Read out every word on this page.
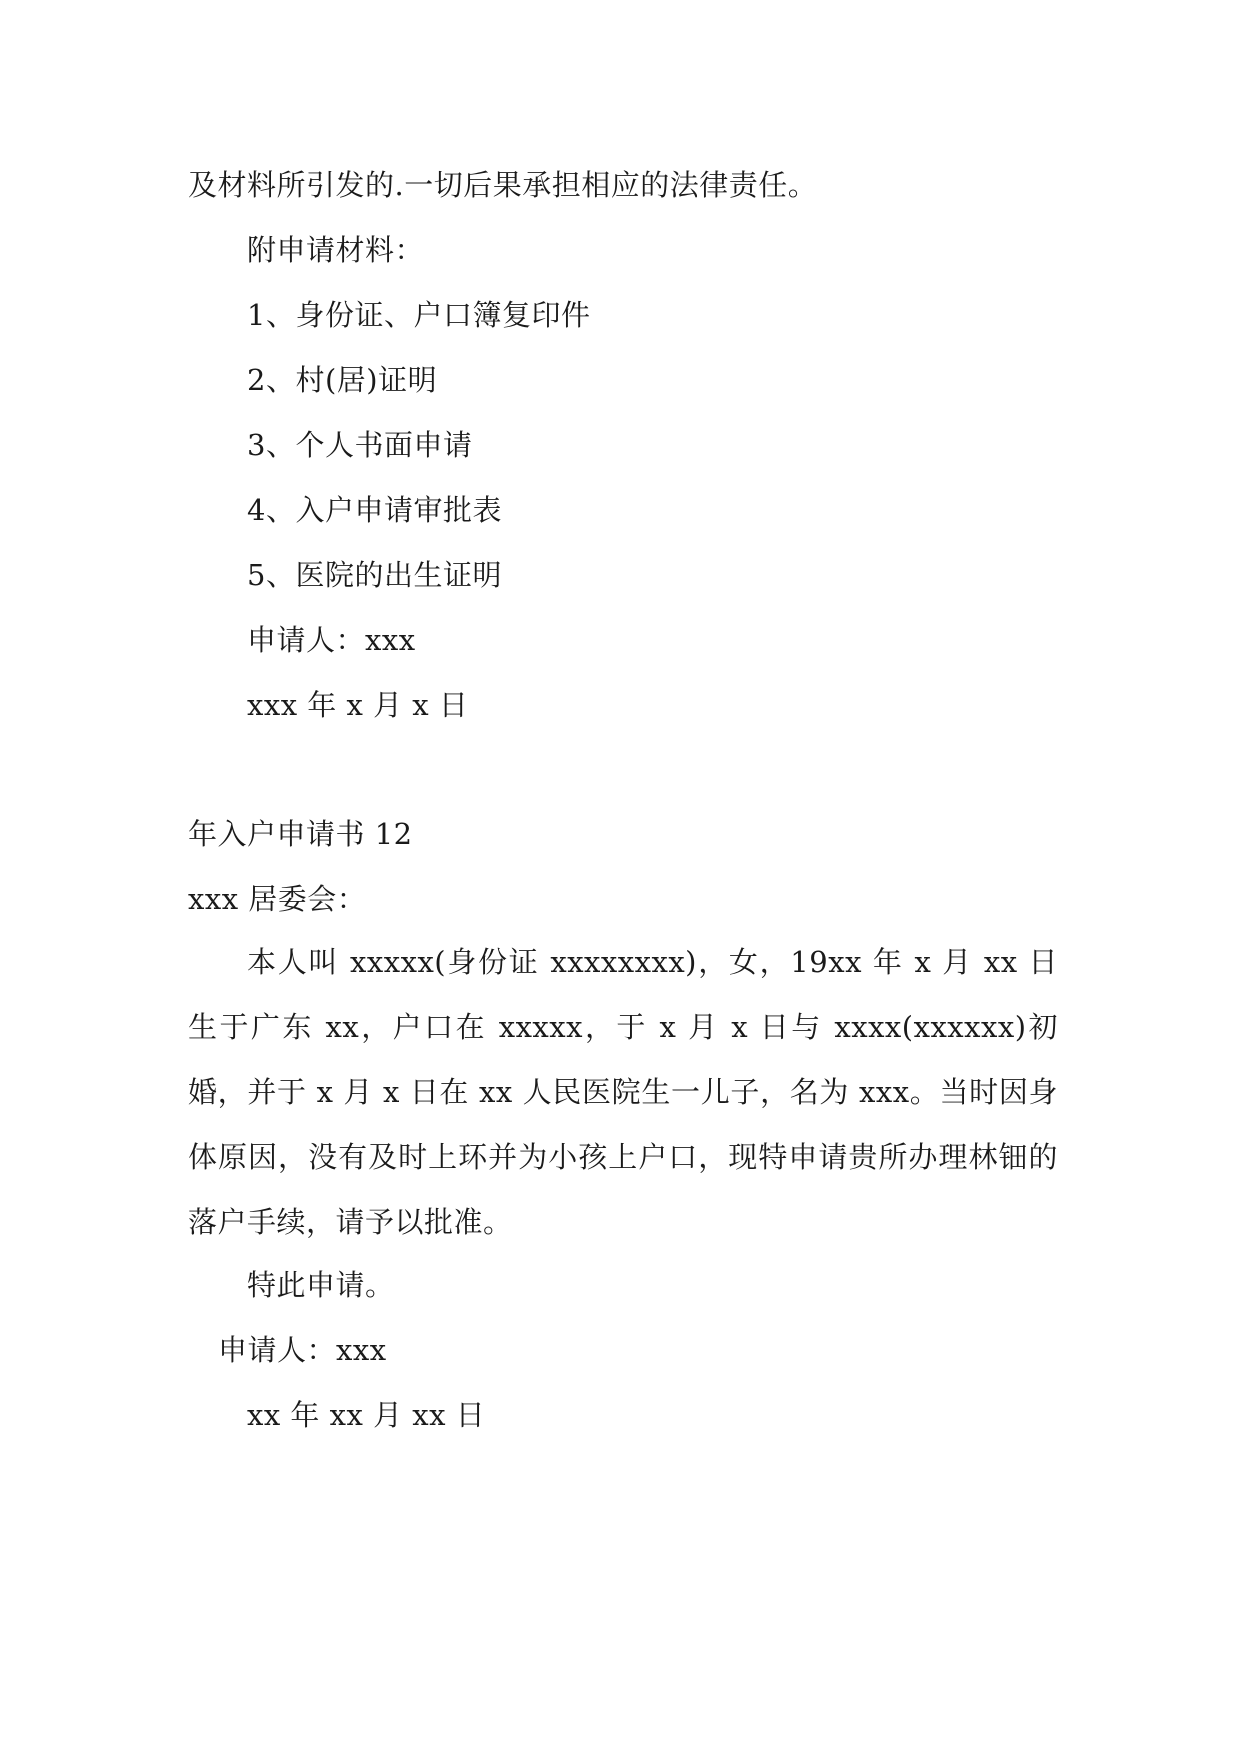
及材料所引发的.一切后果承担相应的法律责任。
附申请材料：
1、身份证、户口簿复印件
2、村(居)证明
3、个人书面申请
4、入户申请审批表
5、医院的出生证明
申请人：xxx
xxx 年 x 月 x 日
年入户申请书 12
xxx 居委会：

本人叫 xxxxx(身份证 xxxxxxxx)，女，19xx 年 x 月 xx 日生于广东 xx，户口在 xxxxx，于 x 月 x 日与 xxxx(xxxxxx)初婚，并于 x 月 x 日在 xx 人民医院生一儿子，名为 xxx。当时因身体原因，没有及时上环并为小孩上户口，现特申请贵所办理林钿的落户手续，请予以批准。

特此申请。
申请人：xxx
xx 年 xx 月 xx 日
